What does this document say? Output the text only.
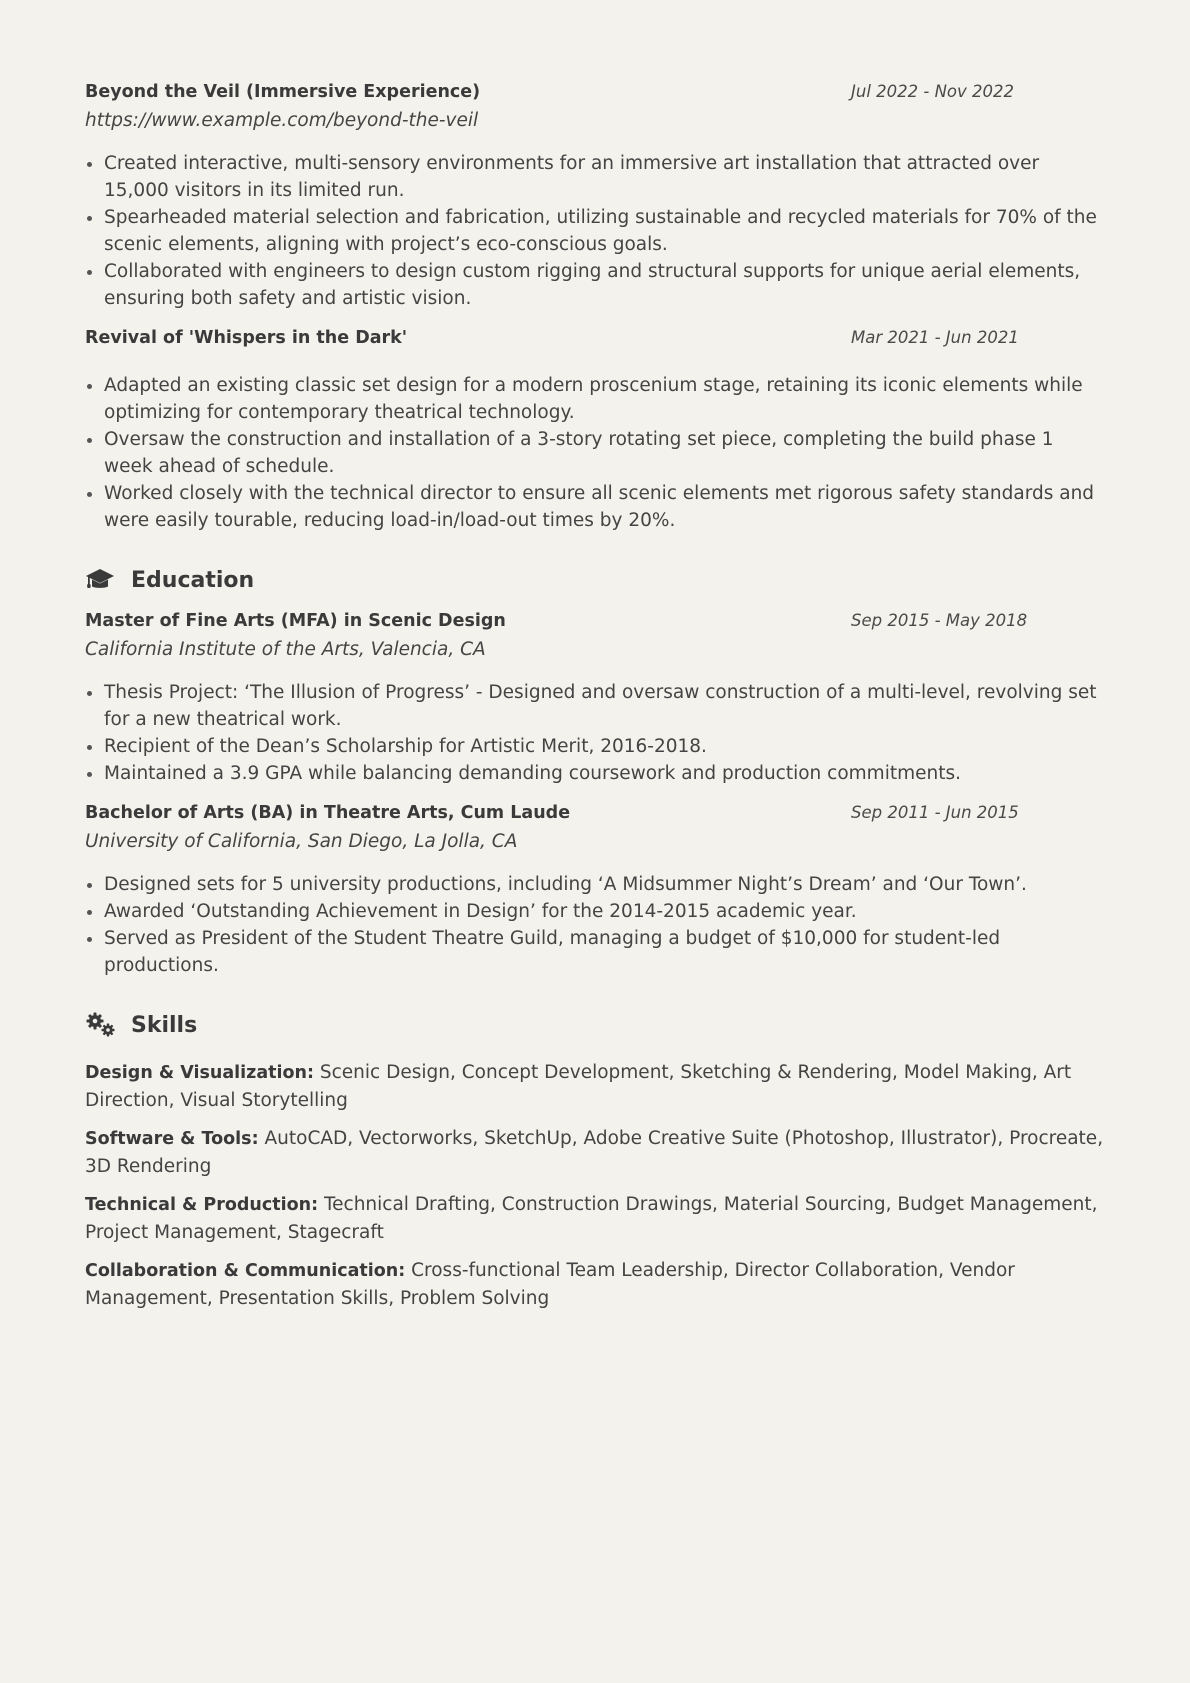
Beyond the Veil (Immersive Experience)	Jul 2022 - Nov 2022
https://www.example.com/beyond-the-veil
Created interactive, multi-sensory environments for an immersive art installation that attracted over 15,000 visitors in its limited run.
Spearheaded material selection and fabrication, utilizing sustainable and recycled materials for 70% of the scenic elements, aligning with project’s eco-conscious goals.
Collaborated with engineers to design custom rigging and structural supports for unique aerial elements, ensuring both safety and artistic vision.
Revival of 'Whispers in the Dark'	Mar 2021 - Jun 2021
Adapted an existing classic set design for a modern proscenium stage, retaining its iconic elements while optimizing for contemporary theatrical technology.
Oversaw the construction and installation of a 3-story rotating set piece, completing the build phase 1 week ahead of schedule.
Worked closely with the technical director to ensure all scenic elements met rigorous safety standards and were easily tourable, reducing load-in/load-out times by 20%.
Education
Master of Fine Arts (MFA) in Scenic Design	Sep 2015 - May 2018
California Institute of the Arts, Valencia, CA
Thesis Project: ‘The Illusion of Progress’ - Designed and oversaw construction of a multi-level, revolving set for a new theatrical work.
Recipient of the Dean’s Scholarship for Artistic Merit, 2016-2018.
Maintained a 3.9 GPA while balancing demanding coursework and production commitments.
Bachelor of Arts (BA) in Theatre Arts, Cum Laude	Sep 2011 - Jun 2015
University of California, San Diego, La Jolla, CA
Designed sets for 5 university productions, including ‘A Midsummer Night’s Dream’ and ‘Our Town’.
Awarded ‘Outstanding Achievement in Design’ for the 2014-2015 academic year.
Served as President of the Student Theatre Guild, managing a budget of $10,000 for student-led productions.
Skills
Design & Visualization: Scenic Design, Concept Development, Sketching & Rendering, Model Making, Art Direction, Visual Storytelling
Software & Tools: AutoCAD, Vectorworks, SketchUp, Adobe Creative Suite (Photoshop, Illustrator), Procreate, 3D Rendering
Technical & Production: Technical Drafting, Construction Drawings, Material Sourcing, Budget Management, Project Management, Stagecraft
Collaboration & Communication: Cross-functional Team Leadership, Director Collaboration, Vendor Management, Presentation Skills, Problem Solving
